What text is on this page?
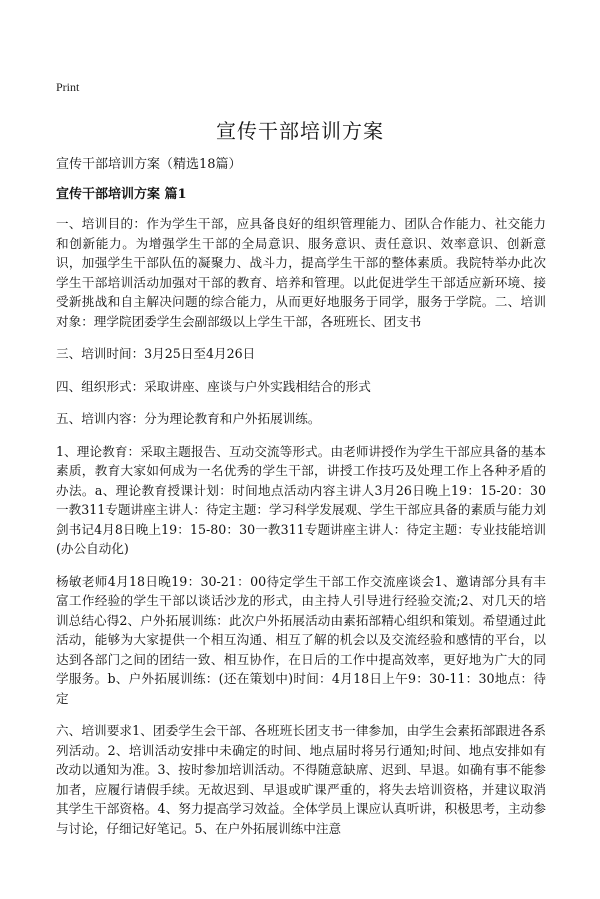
Print
宣传干部培训方案
宣传干部培训方案（精选18篇）
宣传干部培训方案 篇1

一、培训目的：作为学生干部，应具备良好的组织管理能力、团队合作能力、社交能力和创新能力。为增强学生干部的全局意识、服务意识、责任意识、效率意识、创新意识，加强学生干部队伍的凝聚力、战斗力，提高学生干部的整体素质。我院特举办此次学生干部培训活动加强对干部的教育、培养和管理。以此促进学生干部适应新环境、接受新挑战和自主解决问题的综合能力，从而更好地服务于同学，服务于学院。二、培训对象：理学院团委学生会副部级以上学生干部，各班班长、团支书

三、培训时间：3月25日至4月26日

四、组织形式：采取讲座、座谈与户外实践相结合的形式

五、培训内容：分为理论教育和户外拓展训练。

1、理论教育：采取主题报告、互动交流等形式。由老师讲授作为学生干部应具备的基本素质，教育大家如何成为一名优秀的学生干部，讲授工作技巧及处理工作上各种矛盾的办法。a、理论教育授课计划：时间地点活动内容主讲人3月26日晚上19：15-20：30一教311专题讲座主讲人：待定主题：学习科学发展观、学生干部应具备的素质与能力刘剑书记4月8日晚上19：15-80：30一教311专题讲座主讲人：待定主题：专业技能培训(办公自动化)

杨敏老师4月18日晚19：30-21：00待定学生干部工作交流座谈会1、邀请部分具有丰富工作经验的学生干部以谈话沙龙的形式，由主持人引导进行经验交流;2、对几天的培训总结心得2、户外拓展训练：此次户外拓展活动由素拓部精心组织和策划。希望通过此活动，能够为大家提供一个相互沟通、相互了解的机会以及交流经验和感情的平台，以达到各部门之间的团结一致、相互协作，在日后的工作中提高效率，更好地为广大的同学服务。b、户外拓展训练：(还在策划中)时间：4月18日上午9：30-11：30地点：待定

六、培训要求1、团委学生会干部、各班班长团支书一律参加，由学生会素拓部跟进各系列活动。2、培训活动安排中未确定的时间、地点届时将另行通知;时间、地点安排如有改动以通知为准。3、按时参加培训活动。不得随意缺席、迟到、早退。如确有事不能参加者，应履行请假手续。无故迟到、早退或旷课严重的，将失去培训资格，并建议取消其学生干部资格。4、努力提高学习效益。全体学员上课应认真听讲，积极思考，主动参与讨论，仔细记好笔记。5、在户外拓展训练中注意
